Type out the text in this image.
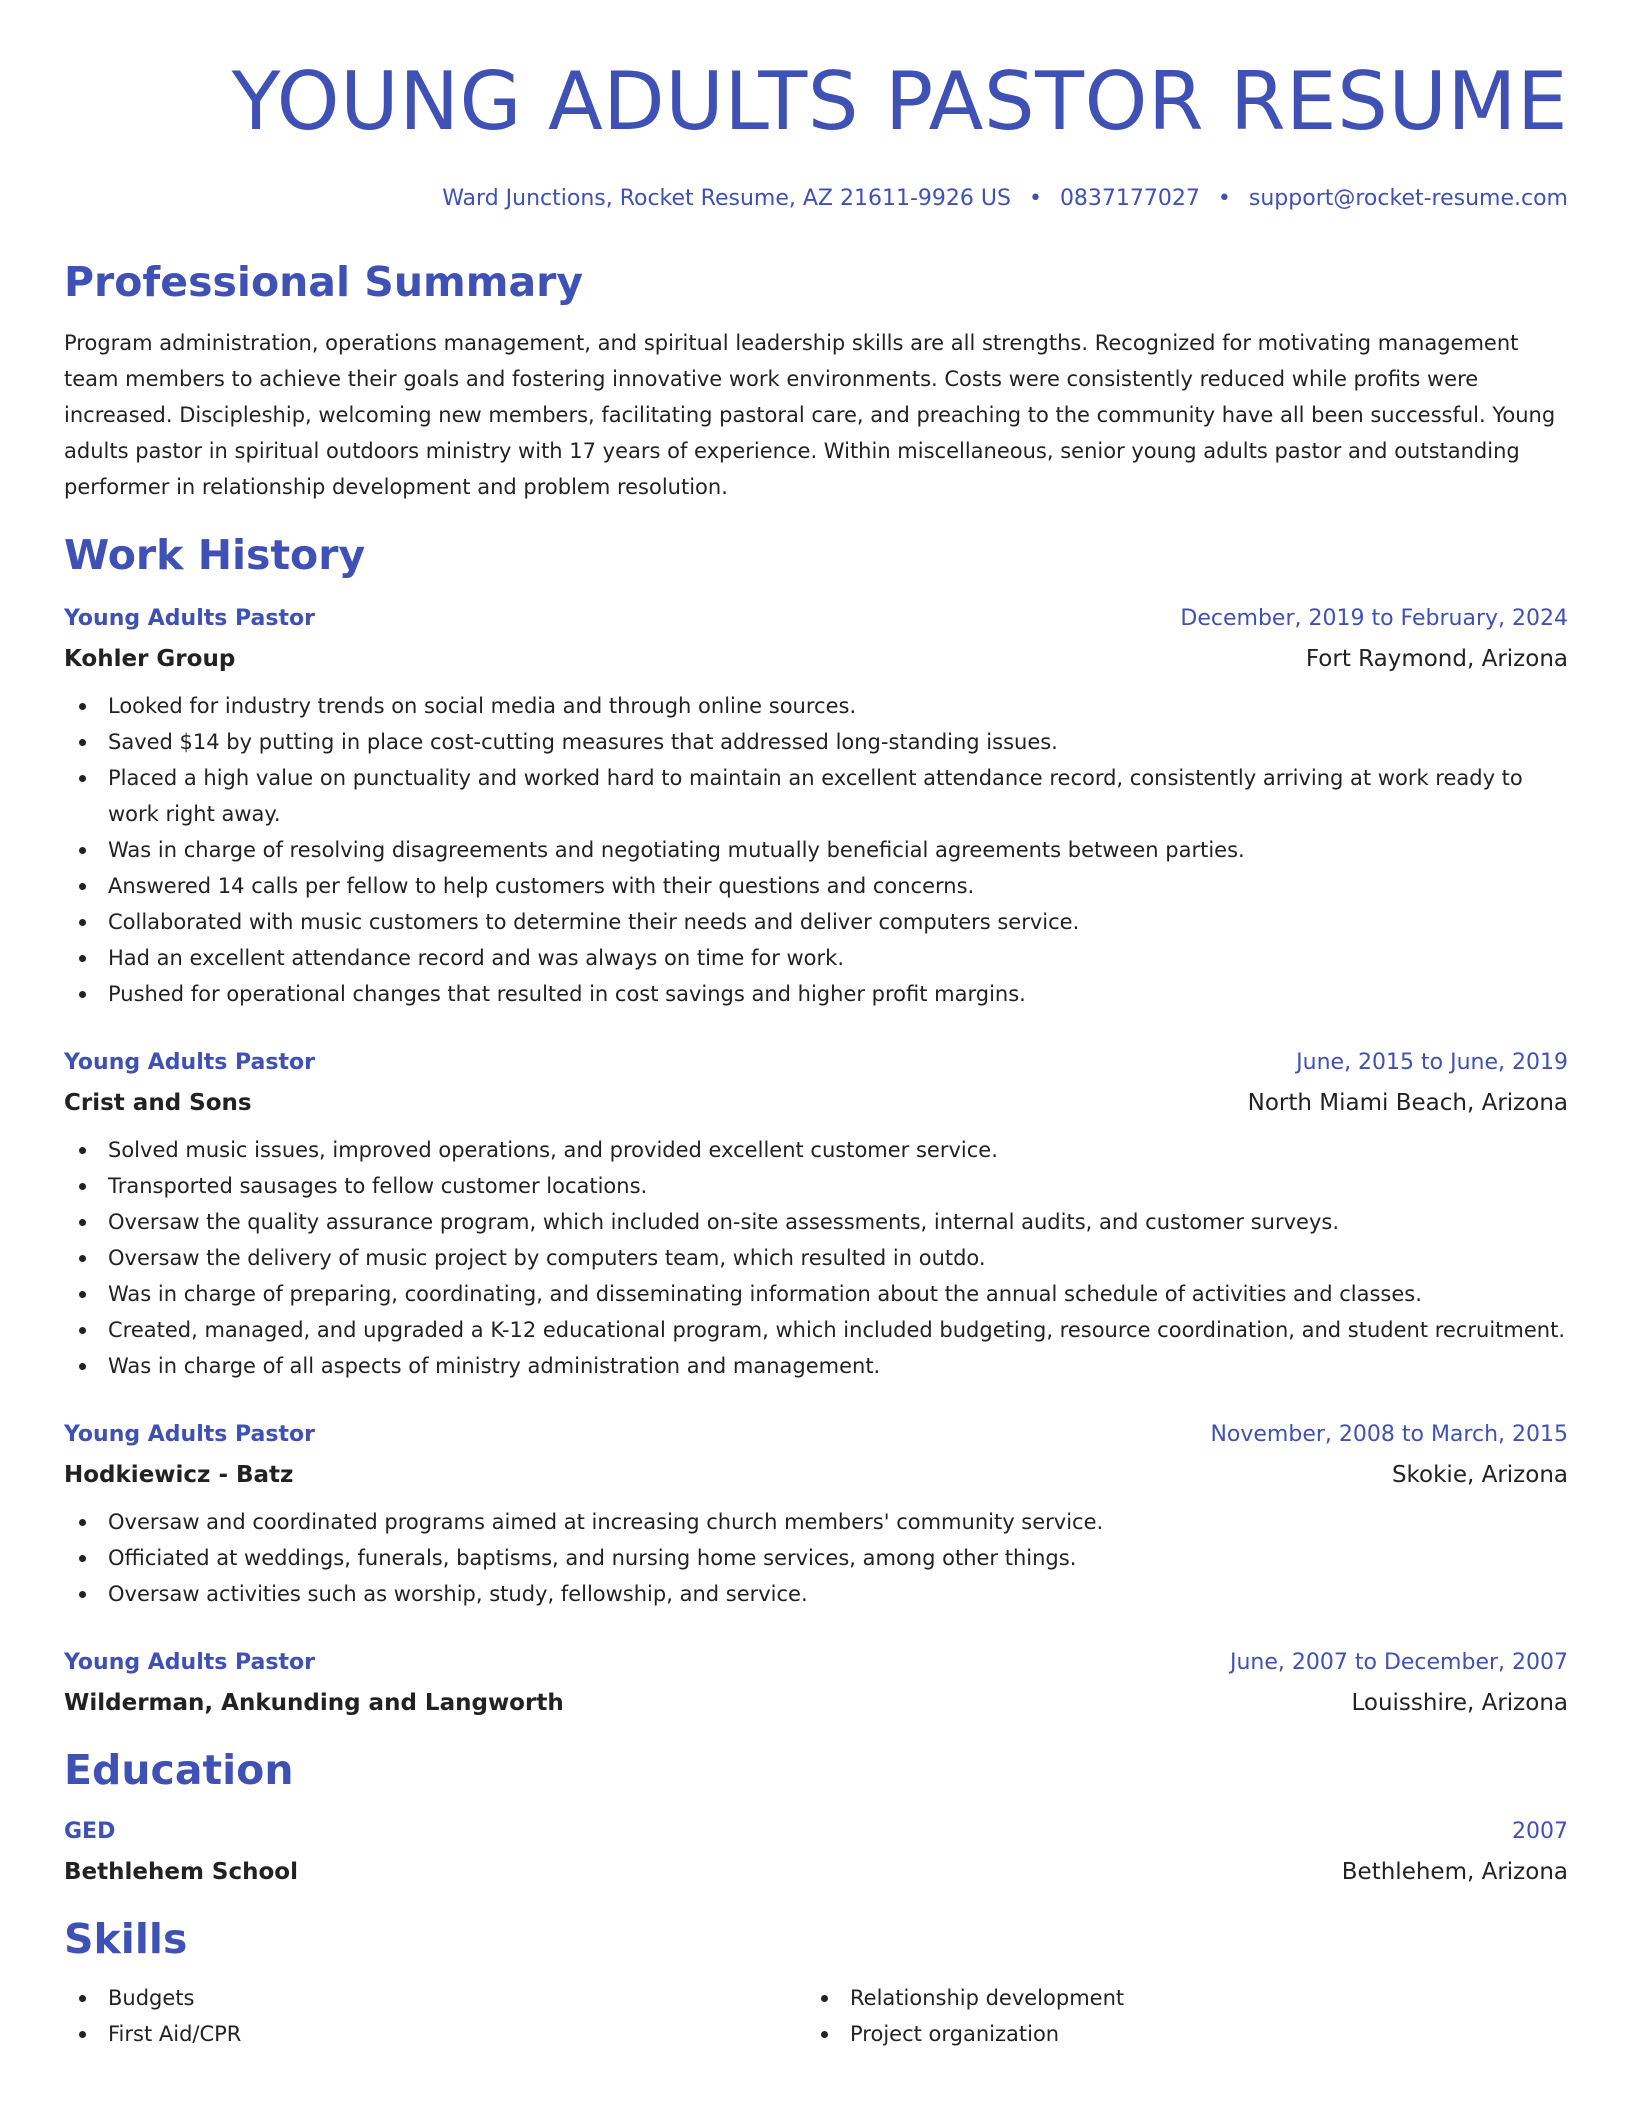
YOUNG ADULTS PASTOR RESUME
Ward Junctions, Rocket Resume, AZ 21611-9926 US • 0837177027 • support@rocket-resume.com
Professional Summary
Program administration, operations management, and spiritual leadership skills are all strengths. Recognized for motivating management team members to achieve their goals and fostering innovative work environments. Costs were consistently reduced while profits were increased. Discipleship, welcoming new members, facilitating pastoral care, and preaching to the community have all been successful. Young adults pastor in spiritual outdoors ministry with 17 years of experience. Within miscellaneous, senior young adults pastor and outstanding performer in relationship development and problem resolution.
Work History
Young Adults Pastor	December, 2019 to February, 2024
Kohler Group	Fort Raymond, Arizona
Looked for industry trends on social media and through online sources.
Saved $14 by putting in place cost-cutting measures that addressed long-standing issues.
Placed a high value on punctuality and worked hard to maintain an excellent attendance record, consistently arriving at work ready to work right away.
Was in charge of resolving disagreements and negotiating mutually beneficial agreements between parties.
Answered 14 calls per fellow to help customers with their questions and concerns.
Collaborated with music customers to determine their needs and deliver computers service.
Had an excellent attendance record and was always on time for work.
Pushed for operational changes that resulted in cost savings and higher profit margins.
Young Adults Pastor	June, 2015 to June, 2019
Crist and Sons	North Miami Beach, Arizona
Solved music issues, improved operations, and provided excellent customer service.
Transported sausages to fellow customer locations.
Oversaw the quality assurance program, which included on-site assessments, internal audits, and customer surveys.
Oversaw the delivery of music project by computers team, which resulted in outdo.
Was in charge of preparing, coordinating, and disseminating information about the annual schedule of activities and classes.
Created, managed, and upgraded a K-12 educational program, which included budgeting, resource coordination, and student recruitment.
Was in charge of all aspects of ministry administration and management.
Young Adults Pastor	November, 2008 to March, 2015
Hodkiewicz - Batz	Skokie, Arizona
Oversaw and coordinated programs aimed at increasing church members' community service.
Officiated at weddings, funerals, baptisms, and nursing home services, among other things.
Oversaw activities such as worship, study, fellowship, and service.
Young Adults Pastor	June, 2007 to December, 2007
Wilderman, Ankunding and Langworth	Louisshire, Arizona
Education
GED	2007
Bethlehem School	Bethlehem, Arizona
Skills
Budgets
First Aid/CPR
Relationship development
Project organization
